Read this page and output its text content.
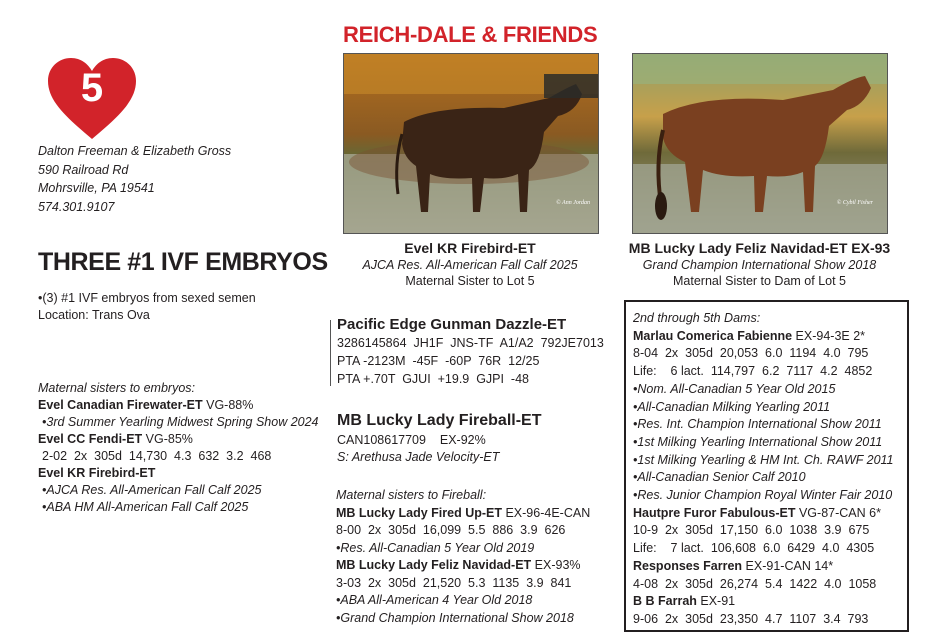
REICH-DALE & FRIENDS
5
Dalton Freeman & Elizabeth Gross
590 Railroad Rd
Mohrsville, PA 19541
574.301.9107
THREE #1 IVF EMBRYOS
•(3) #1 IVF embryos from sexed semen
Location: Trans Ova
Maternal sisters to embryos:
Evel Canadian Firewater-ET VG-88%
•3rd Summer Yearling Midwest Spring Show 2024
Evel CC Fendi-ET VG-85%
2-02  2x  305d  14,730  4.3  632  3.2  468
Evel KR Firebird-ET
•AJCA Res. All-American Fall Calf 2025
•ABA HM All-American Fall Calf 2025
© Ann Jordan
Evel KR Firebird-ET
AJCA Res. All-American Fall Calf 2025
Maternal Sister to Lot 5
© Cybil Fisher
MB Lucky Lady Feliz Navidad-ET EX-93
Grand Champion International Show 2018
Maternal Sister to Dam of Lot 5
Pacific Edge Gunman Dazzle-ET
3286145864  JH1F  JNS-TF  A1/A2  792JE7013
PTA -2123M  -45F  -60P  76R  12/25
PTA +.70T  GJUI  +19.9  GJPI  -48
MB Lucky Lady Fireball-ET
CAN108617709    EX-92%
S: Arethusa Jade Velocity-ET
Maternal sisters to Fireball:
MB Lucky Lady Fired Up-ET EX-96-4E-CAN
8-00  2x  305d  16,099  5.5  886  3.9  626
•Res. All-Canadian 5 Year Old 2019
MB Lucky Lady Feliz Navidad-ET EX-93%
3-03  2x  305d  21,520  5.3  1135  3.9  841
•ABA All-American 4 Year Old 2018
•Grand Champion International Show 2018
2nd through 5th Dams:
Marlau Comerica Fabienne EX-94-3E 2*
8-04  2x  305d  20,053  6.0  1194  4.0  795
Life:    6 lact.  114,797  6.2  7117  4.2  4852
•Nom. All-Canadian 5 Year Old 2015
•All-Canadian Milking Yearling 2011
•Res. Int. Champion International Show 2011
•1st Milking Yearling International Show 2011
•1st Milking Yearling & HM Int. Ch. RAWF 2011
•All-Canadian Senior Calf 2010
•Res. Junior Champion Royal Winter Fair 2010
Hautpre Furor Fabulous-ET VG-87-CAN 6*
10-9  2x  305d  17,150  6.0  1038  3.9  675
Life:    7 lact.  106,608  6.0  6429  4.0  4305
Responses Farren EX-91-CAN 14*
4-08  2x  305d  26,274  5.4  1422  4.0  1058
B B Farrah EX-91
9-06  2x  305d  23,350  4.7  1107  3.4  793
